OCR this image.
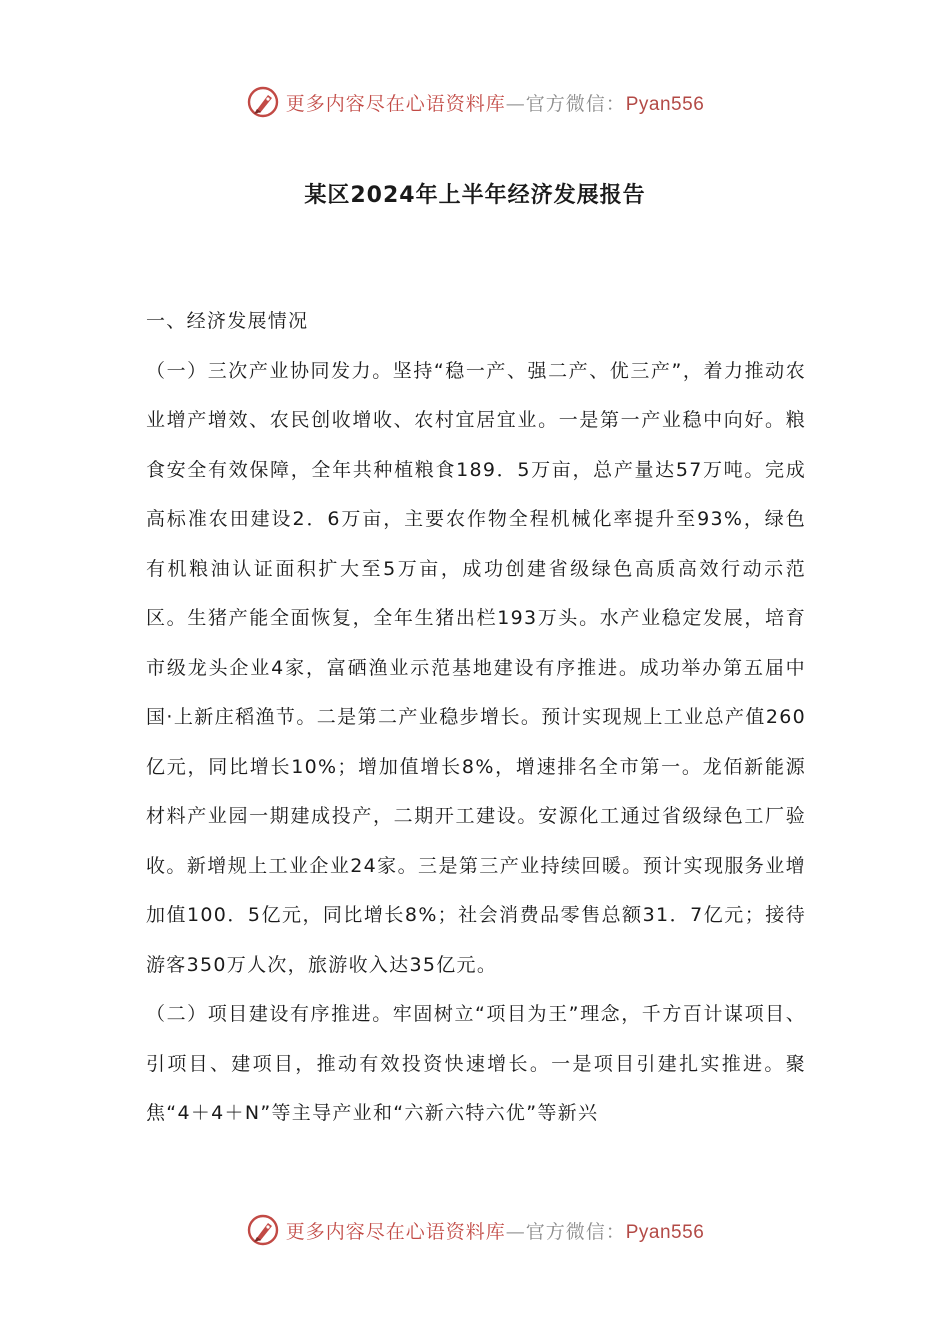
更多内容尽在心语资料库—官方微信：Pyan556
某区2024年上半年经济发展报告

一、经济发展情况

（一）三次产业协同发力。坚持“稳一产、强二产、优三产”，着力推动农业增产增效、农民创收增收、农村宜居宜业。一是第一产业稳中向好。粮食安全有效保障，全年共种植粮食189．5万亩，总产量达57万吨。完成高标准农田建设2．6万亩，主要农作物全程机械化率提升至93%，绿色有机粮油认证面积扩大至5万亩，成功创建省级绿色高质高效行动示范区。生猪产能全面恢复，全年生猪出栏193万头。水产业稳定发展，培育市级龙头企业4家，富硒渔业示范基地建设有序推进。成功举办第五届中国·上新庄稻渔节。二是第二产业稳步增长。预计实现规上工业总产值260亿元，同比增长10%；增加值增长8%，增速排名全市第一。龙佰新能源材料产业园一期建成投产，二期开工建设。安源化工通过省级绿色工厂验收。新增规上工业企业24家。三是第三产业持续回暖。预计实现服务业增加值100．5亿元，同比增长8%；社会消费品零售总额31．7亿元；接待游客350万人次，旅游收入达35亿元。

（二）项目建设有序推进。牢固树立“项目为王”理念，千方百计谋项目、引项目、建项目，推动有效投资快速增长。一是项目引建扎实推进。聚焦“4＋4＋N”等主导产业和“六新六特六优”等新兴

更多内容尽在心语资料库—官方微信：Pyan556
